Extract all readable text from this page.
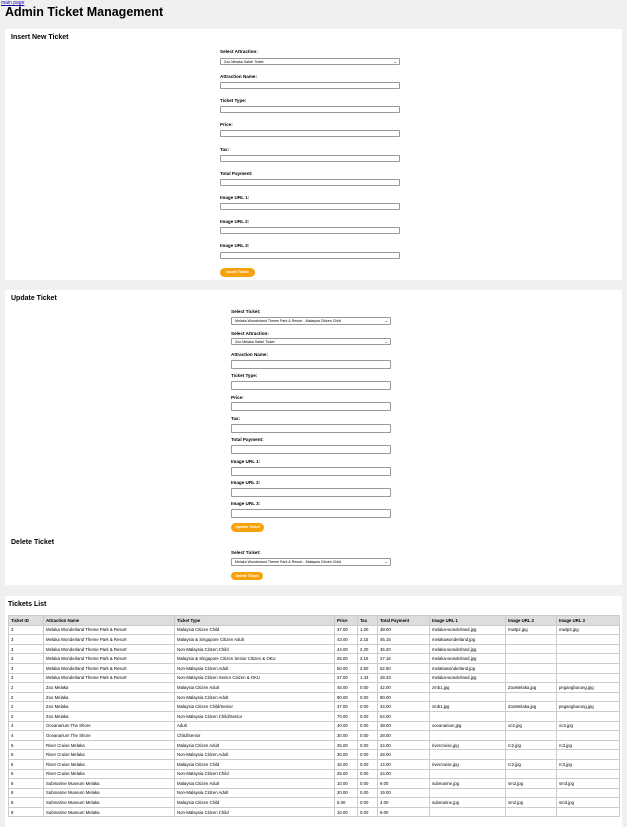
main page
Admin Ticket Management
Insert New Ticket
Select Attraction:
Zoo Melaka Safari Ticket	⌄
Attraction Name:
Ticket Type:
Price:
Tax:
Total Payment:
Image URL 1:
Image URL 2:
Image URL 3:
Insert Ticket
Update Ticket
Select Ticket:
Melaka Wonderland Theme Park & Resort - Malaysia Citizen Child	⌄
Select Attraction:
Zoo Melaka Safari Ticket	⌄
Attraction Name:
Ticket Type:
Price:
Tax:
Total Payment:
Image URL 1:
Image URL 2:
Image URL 3:
Update Ticket
Delete Ticket
Select Ticket:
Melaka Wonderland Theme Park & Resort - Malaysia Citizen Child	⌄
Delete Ticket
Tickets List
Ticket ID	Attraction Name	Ticket Type	Price	Tax	Total Payment	Image URL 1	Image URL 2	Image URL 3
3	Melaka Wonderland Theme Park & Resort	Malaysia Citizen Child	37.00	1.00	38.00	melaka-wonderland.jpg	mwtp2.jpg	mwtp3.jpg
3	Melaka Wonderland Theme Park & Resort	Malaysia & Singapore Citizen Adult	43.00	2.15	45.15	melakawonderland.jpg		
3	Melaka Wonderland Theme Park & Resort	Non-Malaysia Citizen Child	44.00	2.20	46.20	melaka-wonderland.jpg		
3	Melaka Wonderland Theme Park & Resort	Malaysia & Singapore Citizen Senior Citizen & OKU	25.00	2.16	27.16	melaka-wonderland.jpg		
3	Melaka Wonderland Theme Park & Resort	Non-Malaysia Citizen Adult	50.00	2.50	52.50	melakawonderland.jpg		
3	Melaka Wonderland Theme Park & Resort	Non-Malaysia Citizen Senior Citizen & OKU	27.00	1.43	28.43	melaka-wonderland.jpg		
2	Zoo Melaka	Malaysia Citizen Adult	45.00	0.00	42.00	zmb1.jpg	ZooMelaka.jpg	pegangburung.jpg
2	Zoo Melaka	Non-Malaysia Citizen Adult	90.00	0.00	90.00			
2	Zoo Melaka	Malaysia Citizen Child/Senior	37.00	0.00	34.00	zmb1.jpg	ZooMelaka.jpg	pegangburung.jpg
2	Zoo Melaka	Non-Malaysia Citizen Child/Senior	70.00	0.00	64.00			
4	Oceanarium The Shore	Adult	40.00	0.00	38.00	oceanarium.jpg	oc2.jpg	oc3.jpg
4	Oceanarium The Shore	Child/Senior	30.00	0.00	28.00			
6	River Cruise Melaka	Malaysia Citizen Adult	25.00	0.00	24.00	rivercruise.jpg	rc2.jpg	rc3.jpg
6	River Cruise Melaka	Non-Malaysia Citizen Adult	30.00	0.00	29.00			
6	River Cruise Melaka	Malaysia Citizen Child	15.00	0.00	14.00	rivercruise.jpg	rc2.jpg	rc3.jpg
6	River Cruise Melaka	Non-Malaysia Citizen Child	25.00	0.00	24.00			
8	Submarine Museum Melaka	Malaysia Citizen Adult	10.00	0.00	9.00	submarine.jpg	sm2.jpg	sm3.jpg
8	Submarine Museum Melaka	Non-Malaysia Citizen Adult	20.00	0.00	19.00			
8	Submarine Museum Melaka	Malaysia Citizen Child	5.00	0.00	4.00	submarine.jpg	sm2.jpg	sm3.jpg
8	Submarine Museum Melaka	Non-Malaysia Citizen Child	10.00	0.00	9.00			
